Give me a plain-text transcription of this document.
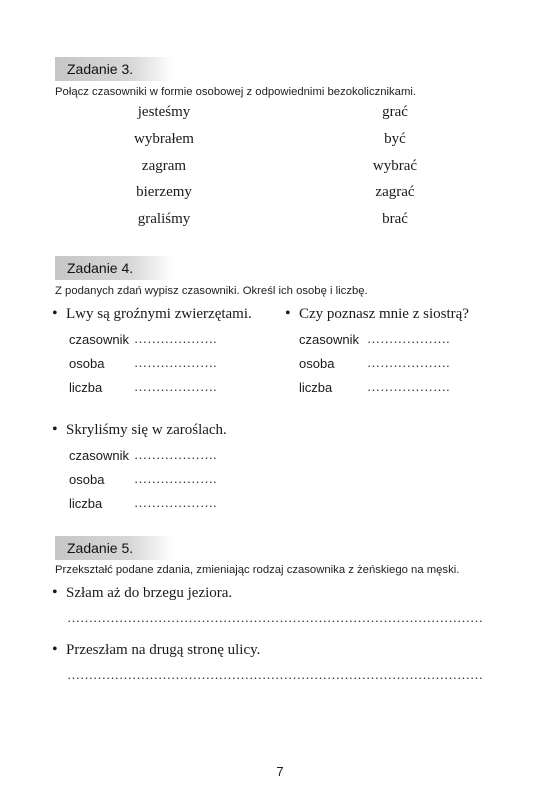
Zadanie 3.
Połącz czasowniki w formie osobowej z odpowiednimi bezokolicznikami.
jesteśmy
wybrałem
zagram
bierzemy
graliśmy
grać
być
wybrać
zagrać
brać
Zadanie 4.
Z podanych zdań wypisz czasowniki. Określ ich osobę i liczbę.
• Lwy są groźnymi zwierzętami.
czasownik ……………….
osoba ……………….
liczba ……………….
• Czy poznasz mnie z siostrą?
czasownik ……………….
osoba	……………….
liczba	……………….
• Skryliśmy się w zaroślach.
czasownik ……………….
osoba ……………….
liczba ……………….
Zadanie 5.
Przekształć podane zdania, zmieniając rodzaj czasownika z żeńskiego na męski.
• Szłam aż do brzegu jeziora.
……………………………………………………………………………………
• Przeszłam na drugą stronę ulicy.
……………………………………………………………………………………
7
